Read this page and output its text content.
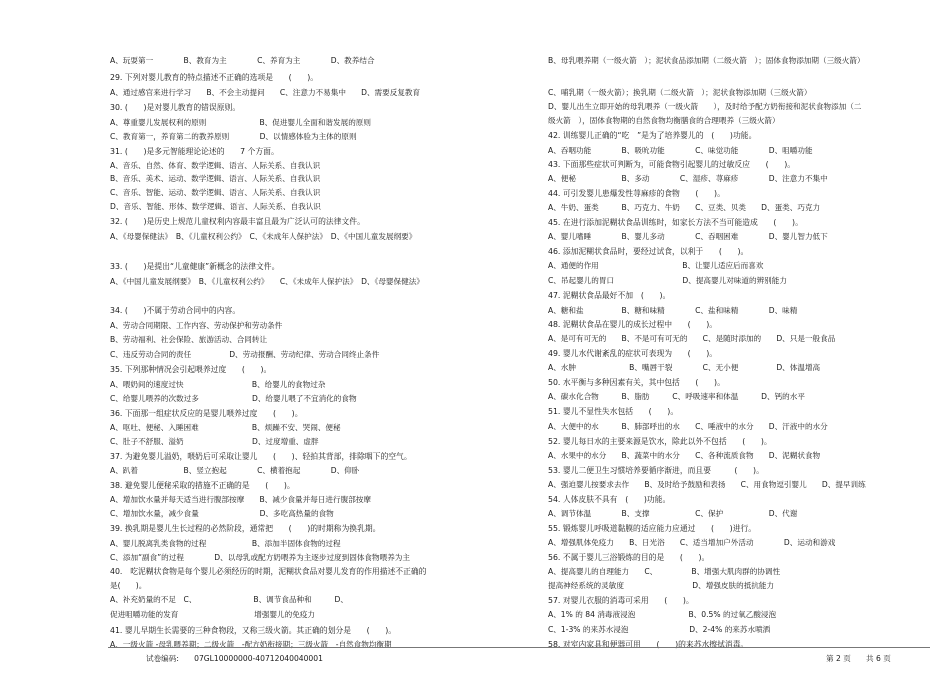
A、玩耍第一　　　　B、教育为主　　　　C、养育为主　　　　D、教养结合
29. 下列对婴儿教育的特点描述不正确的选项是　　(　　)。
A、通过感官来进行学习　　B、不会主动提问　　C、注意力不易集中　　D、需要反复教育
30. (　　)是对婴儿教育的错误原则。
A、尊重婴儿发展权利的原则　　　　　　　B、促进婴儿全面和谐发展的原则
C、教育第一，养育第二的教养原则　　　　D、以情感体验为主体的原则
31. (　　)是多元智能理论论述的　　7 个方面。
A、音乐、自然、体育、数学逻辑、语言、人际关系、自我认识
B、音乐、美术、运动、数学逻辑、语言、人际关系、自我认识
C、音乐、智能、运动、数学逻辑、语言、人际关系、自我认识
D、音乐、智能、形体、数学逻辑、语言、人际关系、自我认识
32. (　　)是历史上规范儿童权利内容最丰富且最为广泛认可的法律文件。
A、《母婴保健法》　B、《儿童权利公约》　C、《未成年人保护法》　D、《中国儿童发展纲要》
33. (　　)是提出“儿童健康”新概念的法律文件。
A、《中国儿童发展纲要》　B、《儿童权利公约》　　C、《未成年人保护法》　D、《母婴保健法》
34. (　　)不属于劳动合同中的内容。
A、劳动合同期限、工作内容、劳动保护和劳动条件
B、劳动福利、社会保险、旅游活动、合同转让
C、违反劳动合同的责任　　　　　D、劳动报酬、劳动纪律、劳动合同终止条件
35. 下列那种情况会引起喂养过度　　(　　)。
A、喂奶间的速度过快　　　　　　　　　B、给婴儿的食物过杂
C、给婴儿喂养的次数过多　　　　　　　D、给婴儿喂了不宜消化的食物
36. 下面那一组症状反应的是婴儿喂养过度　　(　　)。
A、呕吐、便秘、入睡困难　　　　　　　B、烦躁不安、哭闹、便秘
C、肚子不舒服、溢奶　　　　　　　　　D、过度增重、虚胖
37. 为避免婴儿溢奶，喂奶后可采取让婴儿　　(　　)、轻拍其背部，排除咽下的空气。
A、趴着　　　　　　B、竖立抱起　　　　C、横着抱起　　　　D、仰卧
38. 避免婴儿便秘采取的措施不正确的是　　(　　)。
A、增加饮水量并每天适当进行腹部按摩　　B、减少食量并每日进行腹部按摩
C、增加饮水量，减少食量　　　　　　　　D、多吃高热量的食物
39. 换乳期是婴儿生长过程的必然阶段，通常把　　(　　)的时期称为换乳期。
A、婴儿脱离乳类食物的过程　　　　　　B、添加半固体食物的过程
C、添加“副食”的过程　　　　D、以母乳或配方奶喂养为主逐步过度到固体食物喂养为主
40.　吃泥糊状食物是每个婴儿必须经历的时期，泥糊状食品对婴儿发育的作用描述不正确的
是(　　)。
A、补充奶量的不足　C、　　　　　　　　B、调节食品种和　　　D、
促进咀嚼功能的发育　　　　　　　　　　增强婴儿的免疫力
41. 婴儿早期生长需要的三种食物段，又称三级火箭。其正确的划分是　　(　　)。
A、一级火箭 -母乳喂养期；二级火箭　-配方奶衔接期；三级火箭　-自然食物均衡期
B、母乳喂养期（一级火箭　）；泥状食品添加期（二级火箭　）；固体食物添加期（三级火箭）
C、哺乳期（一级火箭）；换乳期（二级火箭　）；泥状食物添加期（三级火箭）
D、婴儿出生立即开始的母乳喂养（一级火箭　　），及时给予配方奶衔接和泥状食物添加（二
级火箭　），固体食物期的自然食物均衡膳食的合理喂养（三级火箭）
42. 训练婴儿正确的“吃　”是为了培养婴儿的　(　　)功能。
A、吞咽功能　　　　B、吸吮功能　　　　C、味觉功能　　　　D、咀嚼功能
43. 下面那些症状可判断为，可能食物引起婴儿的过敏反应　　(　　)。
A、便秘　　　　　　B、多动　　　　C、湿疹、荨麻疹　　　　D、注意力不集中
44. 可引发婴儿患爆发性荨麻疹的食物　　(　　)。
A、牛奶、蛋类　　　B、巧克力、牛奶　　C、豆类、贝类　　D、蛋类、巧克力
45. 在进行添加泥糊状食品训练时，如家长方法不当可能造成　　(　　)。
A、婴儿嗜睡　　　　B、婴儿多动　　　　C、吞咽困难　　　　D、婴儿智力低下
46. 添加泥糊状食品时，要经过试食，以利于　　(　　)。
A、通便的作用　　　　　　　　　　　B、让婴儿适应后而喜欢
C、吊起婴儿的胃口　　　　　　　　　D、提高婴儿对味道的辨别能力
47. 泥糊状食品最好不加　(　　)。
A、糖和盐　　　　　B、糖和味精　　　　C、盐和味精　　　　D、味精
48. 泥糊状食品在婴儿的成长过程中　　(　　)。
A、是可有可无的　　B、不是可有可无的　　C、是随时添加的　　D、只是一般食品
49. 婴儿水代谢紊乱的症状可表现为　　(　　)。
A、水肿　　　　　　　B、嘴唇干裂　　　　C、无小便　　　　　D、体温增高
50. 水平衡与多种因素有关，其中包括　　(　　)。
A、碳水化合物　　　B、脂肪　　　C、呼吸速率和体温　　　D、钙的水平
51. 婴儿不显性失水包括　　(　　)。
A、大便中的水　　　B、肺部呼出的水　　C、唾液中的水分　　D、汗液中的水分
52. 婴儿每日水的主要来源是饮水，除此以外不包括　　(　　)。
A、水果中的水分　　B、蔬菜中的水分　　C、各种流质食物　　D、泥糊状食物
53. 婴儿二便卫生习惯培养要循序渐进，而且要　　　(　　)。
A、强迫婴儿按要求去作　　B、及时给予鼓励和表扬　　C、用食物逗引婴儿　　D、提早训练
54. 人体皮肤不具有　(　　)功能。
A、调节体温　　　　B、支撑　　　　　　C、保护　　　　　　D、代谢
55. 锻炼婴儿呼吸道黏膜的适应能力应通过　　(　　)进行。
A、增强肌体免疫力　　B、日光浴　　C、适当增加户外活动　　　　D、运动和游戏
56. 不属于婴儿三浴锻炼的目的是　　(　　)。
A、提高婴儿的自理能力　　C、　　　　　B、增强大肌肉群的协调性
提高神经系统的灵敏度　　　　　　　　　D、增强皮肤的抵抗能力
57. 对婴儿衣服的消毒可采用　　(　　)。
A、1% 的 84 消毒液浸泡　　　　　　　B、0.5% 的过氧乙酸浸泡
C、1-3% 的来苏水浸泡　　　　　　　　D、2-4% 的来苏水喷洒
58. 对室内家具和便器可用　　(　　)的来苏水擦拭消毒。
试卷编码:　　07GL10000000-40712040040001	第 2 页　　共 6 页
